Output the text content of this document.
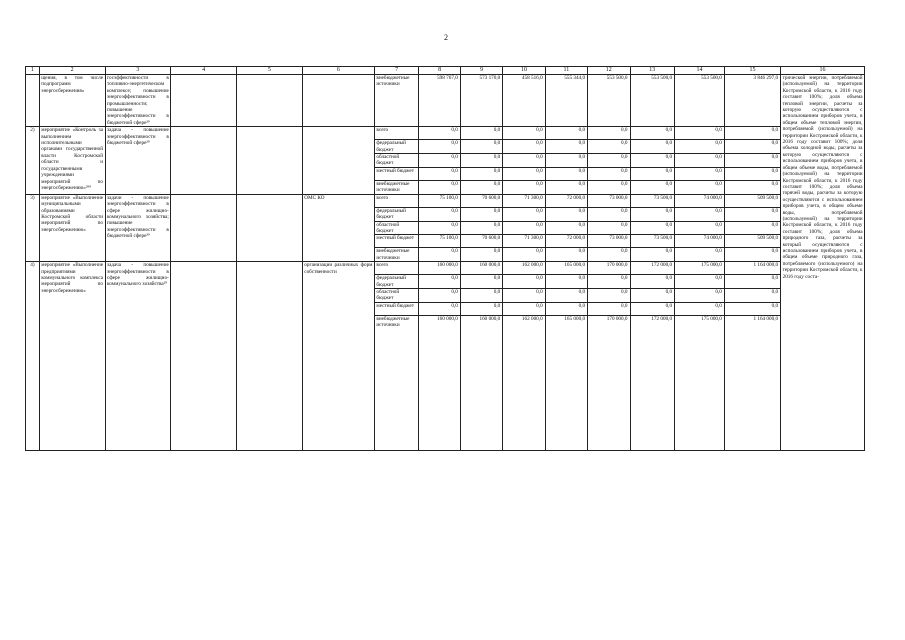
2
1	2	3	4	5	6	7	8	9	10	11	12	13	14	15	16
	щения, в том числе подпрограмм энергосбережения»	госэффективности в топливно-энергетическом комплексе; повышение энергоэффективности в промышленности; повышение энергоэффективности в бюджетной сфере²⁹				внебюджетные источники	598 767,0	573 170,0	458 516,0	555 344,0	553 500,0	553 500,0	553 500,0	3 846 297,0	трической энергии, потребляемой (используемой) на территории Костромской области, к 2016 году составит 100%; доля объема тепловой энергии, расчеты за которую осуществляются с использованием приборов учета, в общем объеме тепловой энергии, потребляемой (используемой) на территории Костромской области, к 2016 году составит 100%; доля объема холодной воды, расчеты за которую осуществляются с использованием приборов учета, в общем объеме воды, потребляемой (используемой) на территории Костромской области, к 2016 году составит 100%; доля объема горячей воды, расчеты за которую осуществляются с использованием приборов учета, в общем объеме воды, потребляемой (используемой) на территории Костромской области, к 2016 году составит 100%; доля объема природного газа, расчеты за который осуществляются с использованием приборов учета, в общем объеме природного газа, потребляемого (используемого) на территории Костромской области, к 2016 году соста-
2)	мероприятие «Контроль за выполнением исполнительными органами государственной власти Костромской области и государственными учреждениями мероприятий по энергосбережению»²⁹⁹	задача - повышение энергоэффективности в бюджетной сфере²⁹				всего	0,0	0,0	0,0	0,0	0,0	0,0	0,0	0,0	
						федеральный бюджет	0,0	0,0	0,0	0,0	0,0	0,0	0,0	0,0	
						областной бюджет	0,0	0,0	0,0	0,0	0,0	0,0	0,0	0,0	
						местный бюджет	0,0	0,0	0,0	0,0	0,0	0,0	0,0	0,0	
						внебюджетные источники	0,0	0,0	0,0	0,0	0,0	0,0	0,0	0,0	
3)	мероприятие «Выполнение муниципальными образованиями Костромской области мероприятий по энергосбережению»	задачи - повышение энергоэффективности в сфере жилищно-коммунального хозяйства; повышение энергоэффективности в бюджетной сфере²⁹			ОМС КО	всего	75 100,0	70 600,0	71 300,0	72 000,0	73 000,0	73 500,0	74 000,0	509 500,0	
						федеральный бюджет	0,0	0,0	0,0	0,0	0,0	0,0	0,0	0,0	
						областной бюджет	0,0	0,0	0,0	0,0	0,0	0,0	0,0	0,0	
						местный бюджет	75 100,0	70 600,0	71 300,0	72 000,0	73 000,0	73 500,0	74 000,0	509 500,0	
						внебюджетные источники	0,0	0,0	0,0	0,0	0,0	0,0	0,0	0,0	
4)	мероприятие «Выполнение предприятиями коммунального комплекса мероприятий по энергосбережению»	задача - повышение энергоэффективности в сфере жилищно-коммунального хозяйства²⁹			организации различных форм собственности	всего	160 000,0	160 000,0	162 000,0	165 000,0	170 000,0	172 000,0	175 000,0	1 164 000,0	
						федеральный бюджет	0,0	0,0	0,0	0,0	0,0	0,0	0,0	0,0	
						областной бюджет	0,0	0,0	0,0	0,0	0,0	0,0	0,0	0,0	
						местный бюджет	0,0	0,0	0,0	0,0	0,0	0,0	0,0	0,0	
						внебюджетные источники	160 000,0	160 000,0	162 000,0	165 000,0	170 000,0	172 000,0	175 000,0	1 164 000,0	
